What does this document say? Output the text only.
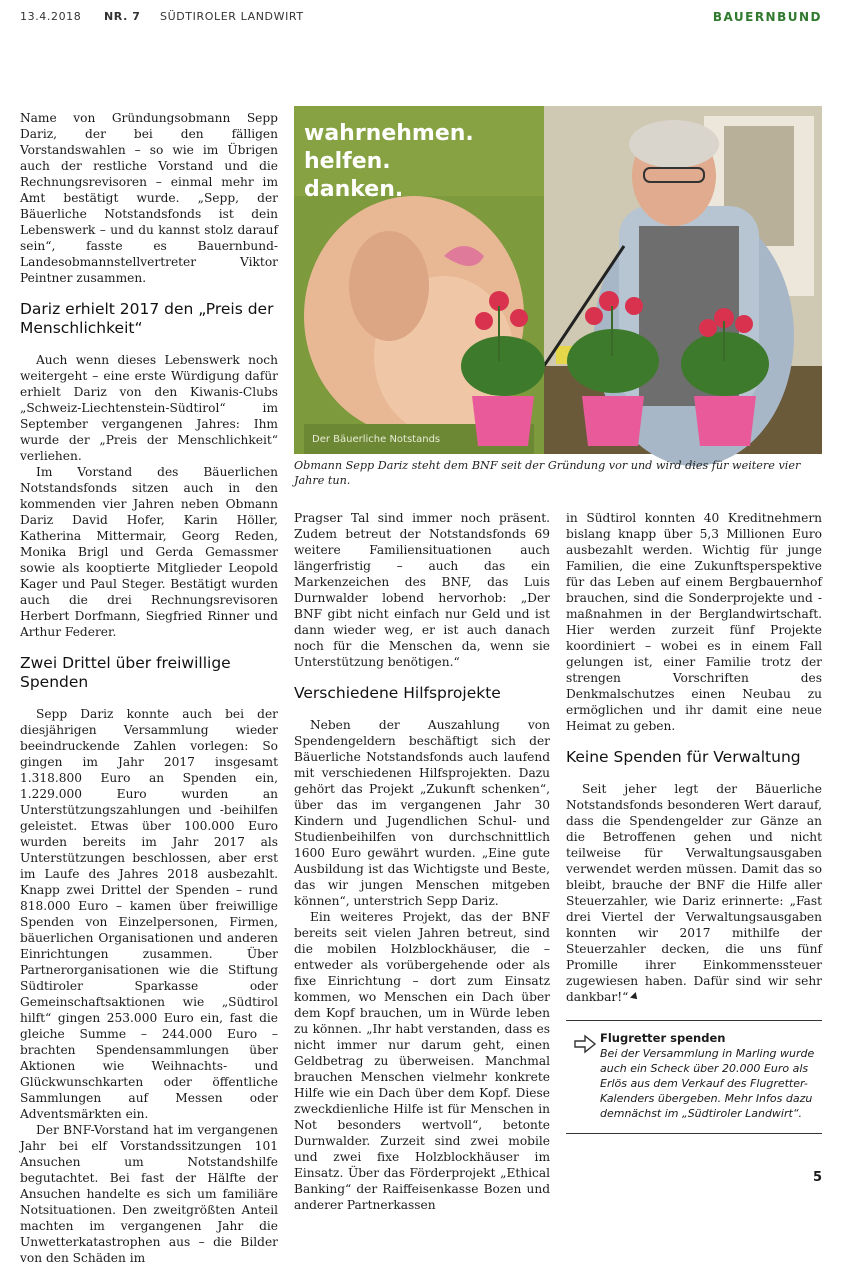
13.4.2018 NR. 7 SÜDTIROLER LANDWIRT	BAUERNBUND

Name von Gründungsobmann Sepp Dariz, der bei den fälligen Vorstandswahlen – so wie im Übrigen auch der restliche Vorstand und die Rechnungsrevisoren – einmal mehr im Amt bestätigt wurde. „Sepp, der Bäuerliche Notstandsfonds ist dein Lebenswerk – und du kannst stolz darauf sein“, fasste es Bauernbund-Landesobmannstellvertreter Viktor Peintner zusammen.

Dariz erhielt 2017 den „Preis der Menschlichkeit“

Auch wenn dieses Lebenswerk noch weitergeht – eine erste Würdigung dafür erhielt Dariz von den Kiwanis-Clubs „Schweiz-Liechtenstein-Südtirol“ im September vergangenen Jahres: Ihm wurde der „Preis der Menschlichkeit“ verliehen.

Im Vorstand des Bäuerlichen Notstandsfonds sitzen auch in den kommenden vier Jahren neben Obmann Dariz David Hofer, Karin Höller, Katherina Mittermair, Georg Reden, Monika Brigl und Gerda Gemassmer sowie als kooptierte Mitglieder Leopold Kager und Paul Steger. Bestätigt wurden auch die drei Rechnungsrevisoren Herbert Dorfmann, Siegfried Rinner und Arthur Federer.

Zwei Drittel über freiwillige Spenden

Sepp Dariz konnte auch bei der diesjährigen Versammlung wieder beeindruckende Zahlen vorlegen: So gingen im Jahr 2017 insgesamt 1.318.800 Euro an Spenden ein, 1.229.000 Euro wurden an Unterstützungszahlungen und -beihilfen geleistet. Etwas über 100.000 Euro wurden bereits im Jahr 2017 als Unterstützungen beschlossen, aber erst im Laufe des Jahres 2018 ausbezahlt. Knapp zwei Drittel der Spenden – rund 818.000 Euro – kamen über freiwillige Spenden von Einzelpersonen, Firmen, bäuerlichen Organisationen und anderen Einrichtungen zusammen. Über Partnerorganisationen wie die Stiftung Südtiroler Sparkasse oder Gemeinschaftsaktionen wie „Südtirol hilft“ gingen 253.000 Euro ein, fast die gleiche Summe – 244.000 Euro – brachten Spendensammlungen über Aktionen wie Weihnachts- und Glückwunschkarten oder öffentliche Sammlungen auf Messen oder Adventsmärkten ein.

Der BNF-Vorstand hat im vergangenen Jahr bei elf Vorstandssitzungen 101 Ansuchen um Notstandshilfe begutachtet. Bei fast der Hälfte der Ansuchen handelte es sich um familiäre Notsituationen. Den zweitgrößten Anteil machten im vergangenen Jahr die Unwetterkatastrophen aus – die Bilder von den Schäden im

wahrnehmen.
helfen.
danken.
Der Bäuerliche Notstands
Obmann Sepp Dariz steht dem BNF seit der Gründung vor und wird dies für weitere vier Jahre tun.

Pragser Tal sind immer noch präsent. Zudem betreut der Notstandsfonds 69 weitere Familiensituationen auch längerfristig – auch das ein Markenzeichen des BNF, das Luis Durnwalder lobend hervorhob: „Der BNF gibt nicht einfach nur Geld und ist dann wieder weg, er ist auch danach noch für die Menschen da, wenn sie Unterstützung benötigen.“

Verschiedene Hilfsprojekte

Neben der Auszahlung von Spendengeldern beschäftigt sich der Bäuerliche Notstandsfonds auch laufend mit verschiedenen Hilfsprojekten. Dazu gehört das Projekt „Zukunft schenken“, über das im vergangenen Jahr 30 Kindern und Jugendlichen Schul- und Studienbeihilfen von durchschnittlich 1600 Euro gewährt wurden. „Eine gute Ausbildung ist das Wichtigste und Beste, das wir jungen Menschen mitgeben können“, unterstrich Sepp Dariz.

Ein weiteres Projekt, das der BNF bereits seit vielen Jahren betreut, sind die mobilen Holzblockhäuser, die – entweder als vorübergehende oder als fixe Einrichtung – dort zum Einsatz kommen, wo Menschen ein Dach über dem Kopf brauchen, um in Würde leben zu können. „Ihr habt verstanden, dass es nicht immer nur darum geht, einen Geldbetrag zu überweisen. Manchmal brauchen Menschen vielmehr konkrete Hilfe wie ein Dach über dem Kopf. Diese zweckdienliche Hilfe ist für Menschen in Not besonders wertvoll“, betonte Durnwalder. Zurzeit sind zwei mobile und zwei fixe Holzblockhäuser im Einsatz. Über das Förderprojekt „Ethical Banking“ der Raiffeisenkasse Bozen und anderer Partnerkassen

in Südtirol konnten 40 Kreditnehmern bislang knapp über 5,3 Millionen Euro ausbezahlt werden. Wichtig für junge Familien, die eine Zukunftsperspektive für das Leben auf einem Bergbauernhof brauchen, sind die Sonderprojekte und -maßnahmen in der Berglandwirtschaft. Hier werden zurzeit fünf Projekte koordiniert – wobei es in einem Fall gelungen ist, einer Familie trotz der strengen Vorschriften des Denkmalschutzes einen Neubau zu ermöglichen und ihr damit eine neue Heimat zu geben.

Keine Spenden für Verwaltung

Seit jeher legt der Bäuerliche Notstandsfonds besonderen Wert darauf, dass die Spendengelder zur Gänze an die Betroffenen gehen und nicht teilweise für Verwaltungsausgaben verwendet werden müssen. Damit das so bleibt, brauche der BNF die Hilfe aller Steuerzahler, wie Dariz erinnerte: „Fast drei Viertel der Verwaltungsausgaben konnten wir 2017 mithilfe der Steuerzahler decken, die uns fünf Promille ihrer Einkommenssteuer zugewiesen haben. Dafür sind wir sehr dankbar!“

Flugretter spenden
Bei der Versammlung in Marling wurde auch ein Scheck über 20.000 Euro als Erlös aus dem Verkauf des Flugretter-Kalenders übergeben. Mehr Infos dazu demnächst im „Südtiroler Landwirt“.
5
